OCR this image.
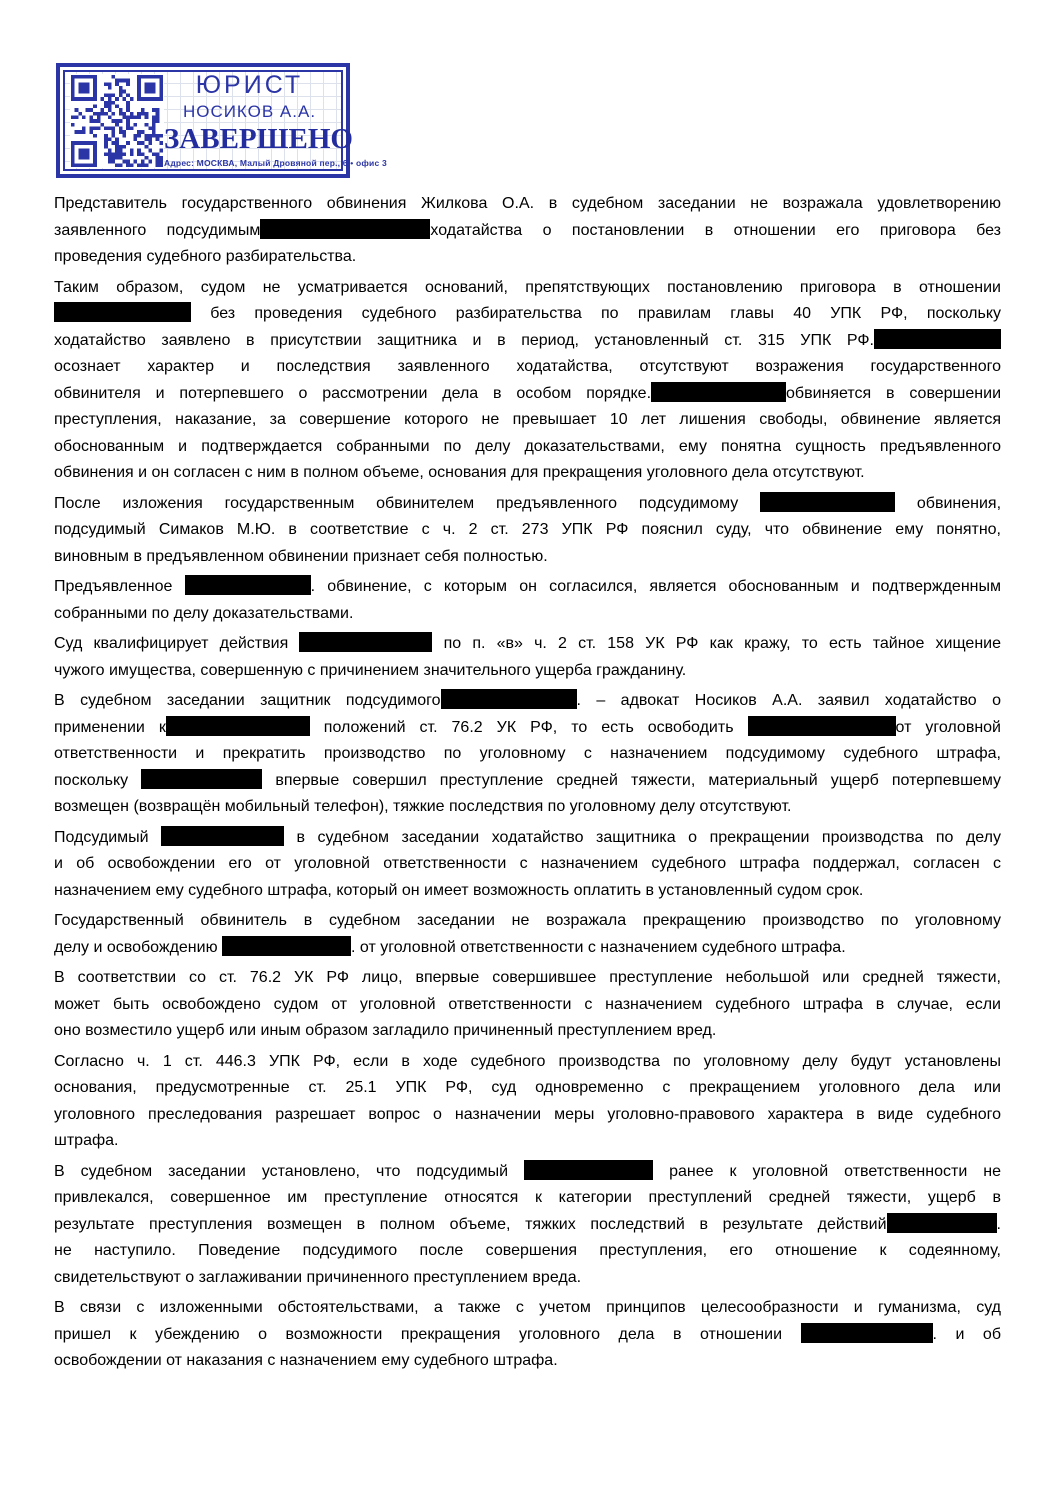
ЮРИСТ
НОСИКОВ А.А.
ЗАВЕРШЕНО
Адрес: МОСКВА, Малый Дровяной пер., 6 • офис 3
Представитель государственного обвинения Жилкова О.А. в судебном заседании не возражала удовлетворению
заявленного подсудимым	ходатайства о постановлении в отношении его приговора без
проведения судебного разбирательства.
Таким образом, судом не усматривается оснований, препятствующих постановлению приговора в отношении
без проведения судебного разбирательства по правилам главы 40 УПК РФ, поскольку
ходатайство заявлено в присутствии защитника и в период, установленный ст. 315 УПК РФ.
осознает характер и последствия заявленного ходатайства, отсутствуют возражения государственного
обвинителя и потерпевшего о рассмотрении дела в особом порядке.	обвиняется в совершении
преступления, наказание, за совершение которого не превышает 10 лет лишения свободы, обвинение является
обоснованным и подтверждается собранными по делу доказательствами, ему понятна сущность предъявленного
обвинения и он согласен с ним в полном объеме, основания для прекращения уголовного дела отсутствуют.
После изложения государственным обвинителем предъявленного подсудимому	обвинения,
подсудимый Симаков М.Ю. в соответствие с ч. 2 ст. 273 УПК РФ пояснил суду, что обвинение ему понятно,
виновным в предъявленном обвинении признает себя полностью.
Предъявленное	. обвинение, с которым он согласился, является обоснованным и подтвержденным
собранными по делу доказательствами.
Суд квалифицирует действия	по п. «в» ч. 2 ст. 158 УК РФ как кражу, то есть тайное хищение
чужого имущества, совершенную с причинением значительного ущерба гражданину.
В судебном заседании защитник подсудимого	. – адвокат Носиков А.А. заявил ходатайство о
применении к	положений ст. 76.2 УК РФ, то есть освободить	от уголовной
ответственности и прекратить производство по уголовному с назначением подсудимому судебного штрафа,
поскольку	впервые совершил преступление средней тяжести, материальный ущерб потерпевшему
возмещен (возвращён мобильный телефон), тяжкие последствия по уголовному делу отсутствуют.
Подсудимый	в судебном заседании ходатайство защитника о прекращении производства по делу
и об освобождении его от уголовной ответственности с назначением судебного штрафа поддержал, согласен с
назначением ему судебного штрафа, который он имеет возможность оплатить в установленный судом срок.
Государственный обвинитель в судебном заседании не возражала прекращению производство по уголовному
делу и освобождению	. от уголовной ответственности с назначением судебного штрафа.
В соответствии со ст. 76.2 УК РФ лицо, впервые совершившее преступление небольшой или средней тяжести,
может быть освобождено судом от уголовной ответственности с назначением судебного штрафа в случае, если
оно возместило ущерб или иным образом загладило причиненный преступлением вред.
Согласно ч. 1 ст. 446.3 УПК РФ, если в ходе судебного производства по уголовному делу будут установлены
основания, предусмотренные ст. 25.1 УПК РФ, суд одновременно с прекращением уголовного дела или
уголовного преследования разрешает вопрос о назначении меры уголовно-правового характера в виде судебного
штрафа.
В судебном заседании установлено, что подсудимый	ранее к уголовной ответственности не
привлекался, совершенное им преступление относятся к категории преступлений средней тяжести, ущерб в
результате преступления возмещен в полном объеме, тяжких последствий в результате действий	.
не наступило. Поведение подсудимого после совершения преступления, его отношение к содеянному,
свидетельствуют о заглаживании причиненного преступлением вреда.
В связи с изложенными обстоятельствами, а также с учетом принципов целесообразности и гуманизма, суд
пришел к убеждению о возможности прекращения уголовного дела в отношении	. и об
освобождении от наказания с назначением ему судебного штрафа.
